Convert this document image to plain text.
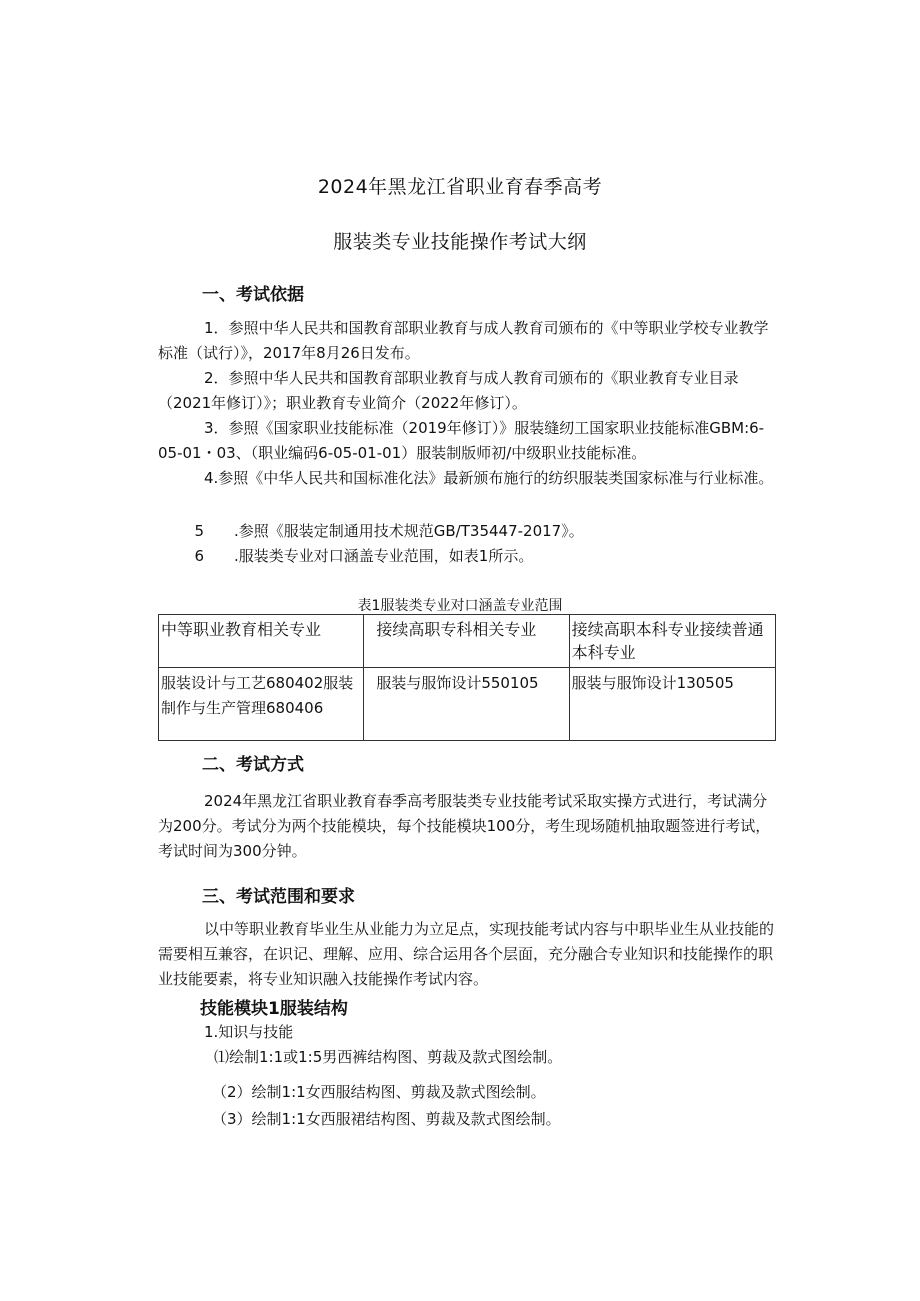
2024年黑龙江省职业育春季高考
服装类专业技能操作考试大纲
一、考试依据

1．参照中华人民共和国教育部职业教育与成人教育司颁布的《中等职业学校专业教学标准（试行）》，2017年8月26日发布。

2．参照中华人民共和国教育部职业教育与成人教育司颁布的《职业教育专业目录（2021年修订）》；职业教育专业简介（2022年修订）。

3．参照《国家职业技能标准（2019年修订）》服装缝纫工国家职业技能标准GBM:6-05-01・03、（职业编码6-05-01-01）服装制版师初/中级职业技能标准。

4.参照《中华人民共和国标准化法》最新颁布施行的纺织服装类国家标准与行业标准。

5 .参照《服装定制通用技术规范GB/T35447-2017》。
6 .服装类专业对口涵盖专业范围，如表1所示。
表1服装类专业对口涵盖专业范围
中等职业教育相关专业	接续高职专科相关专业	接续高职本科专业接续普通本科专业
服装设计与工艺680402服装制作与生产管理680406	服装与服饰设计550105	服装与服饰设计130505
二、考试方式

2024年黑龙江省职业教育春季高考服装类专业技能考试采取实操方式进行，考试满分为200分。考试分为两个技能模块，每个技能模块100分，考生现场随机抽取题签进行考试，考试时间为300分钟。

三、考试范围和要求

以中等职业教育毕业生从业能力为立足点，实现技能考试内容与中职毕业生从业技能的需要相互兼容，在识记、理解、应用、综合运用各个层面，充分融合专业知识和技能操作的职业技能要素，将专业知识融入技能操作考试内容。

技能模块1服装结构
1.知识与技能
⑴绘制1:1或1:5男西裤结构图、剪裁及款式图绘制。
（2）绘制1:1女西服结构图、剪裁及款式图绘制。
（3）绘制1:1女西服裙结构图、剪裁及款式图绘制。
